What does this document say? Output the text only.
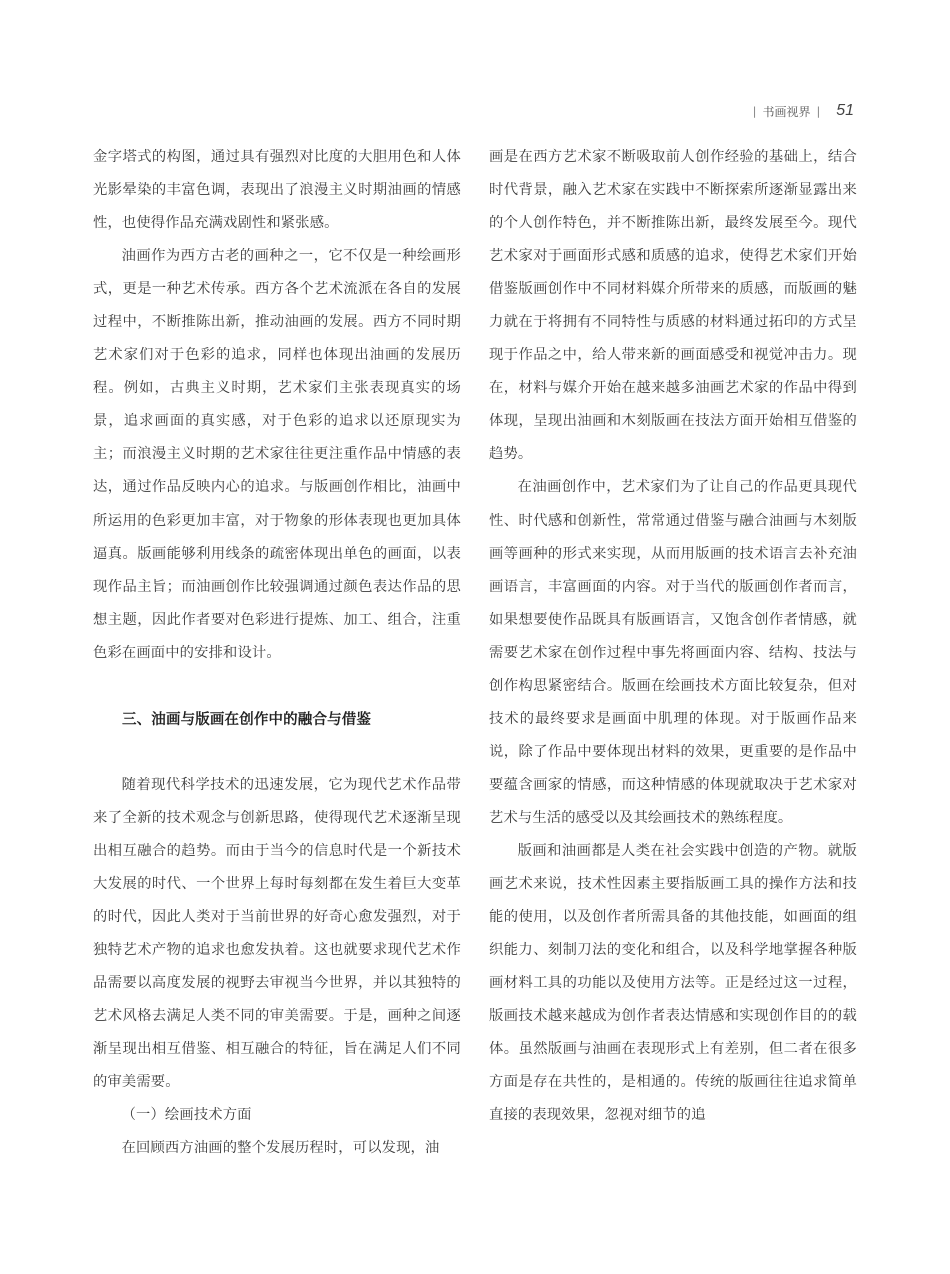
| 书画视界 | 51

金字塔式的构图，通过具有强烈对比度的大胆用色和人体光影晕染的丰富色调，表现出了浪漫主义时期油画的情感性，也使得作品充满戏剧性和紧张感。

油画作为西方古老的画种之一，它不仅是一种绘画形式，更是一种艺术传承。西方各个艺术流派在各自的发展过程中，不断推陈出新，推动油画的发展。西方不同时期艺术家们对于色彩的追求，同样也体现出油画的发展历程。例如，古典主义时期，艺术家们主张表现真实的场景，追求画面的真实感，对于色彩的追求以还原现实为主；而浪漫主义时期的艺术家往往更注重作品中情感的表达，通过作品反映内心的追求。与版画创作相比，油画中所运用的色彩更加丰富，对于物象的形体表现也更加具体逼真。版画能够利用线条的疏密体现出单色的画面，以表现作品主旨；而油画创作比较强调通过颜色表达作品的思想主题，因此作者要对色彩进行提炼、加工、组合，注重色彩在画面中的安排和设计。

三、油画与版画在创作中的融合与借鉴

随着现代科学技术的迅速发展，它为现代艺术作品带来了全新的技术观念与创新思路，使得现代艺术逐渐呈现出相互融合的趋势。而由于当今的信息时代是一个新技术大发展的时代、一个世界上每时每刻都在发生着巨大变革的时代，因此人类对于当前世界的好奇心愈发强烈，对于独特艺术产物的追求也愈发执着。这也就要求现代艺术作品需要以高度发展的视野去审视当今世界，并以其独特的艺术风格去满足人类不同的审美需要。于是，画种之间逐渐呈现出相互借鉴、相互融合的特征，旨在满足人们不同的审美需要。

（一）绘画技术方面

在回顾西方油画的整个发展历程时，可以发现，油

画是在西方艺术家不断吸取前人创作经验的基础上，结合时代背景，融入艺术家在实践中不断探索所逐渐显露出来的个人创作特色，并不断推陈出新，最终发展至今。现代艺术家对于画面形式感和质感的追求，使得艺术家们开始借鉴版画创作中不同材料媒介所带来的质感，而版画的魅力就在于将拥有不同特性与质感的材料通过拓印的方式呈现于作品之中，给人带来新的画面感受和视觉冲击力。现在，材料与媒介开始在越来越多油画艺术家的作品中得到体现，呈现出油画和木刻版画在技法方面开始相互借鉴的趋势。

在油画创作中，艺术家们为了让自己的作品更具现代性、时代感和创新性，常常通过借鉴与融合油画与木刻版画等画种的形式来实现，从而用版画的技术语言去补充油画语言，丰富画面的内容。对于当代的版画创作者而言，如果想要使作品既具有版画语言，又饱含创作者情感，就需要艺术家在创作过程中事先将画面内容、结构、技法与创作构思紧密结合。版画在绘画技术方面比较复杂，但对技术的最终要求是画面中肌理的体现。对于版画作品来说，除了作品中要体现出材料的效果，更重要的是作品中要蕴含画家的情感，而这种情感的体现就取决于艺术家对艺术与生活的感受以及其绘画技术的熟练程度。

版画和油画都是人类在社会实践中创造的产物。就版画艺术来说，技术性因素主要指版画工具的操作方法和技能的使用，以及创作者所需具备的其他技能，如画面的组织能力、刻制刀法的变化和组合，以及科学地掌握各种版画材料工具的功能以及使用方法等。正是经过这一过程，版画技术越来越成为创作者表达情感和实现创作目的的载体。虽然版画与油画在表现形式上有差别，但二者在很多方面是存在共性的，是相通的。传统的版画往往追求简单直接的表现效果，忽视对细节的追
